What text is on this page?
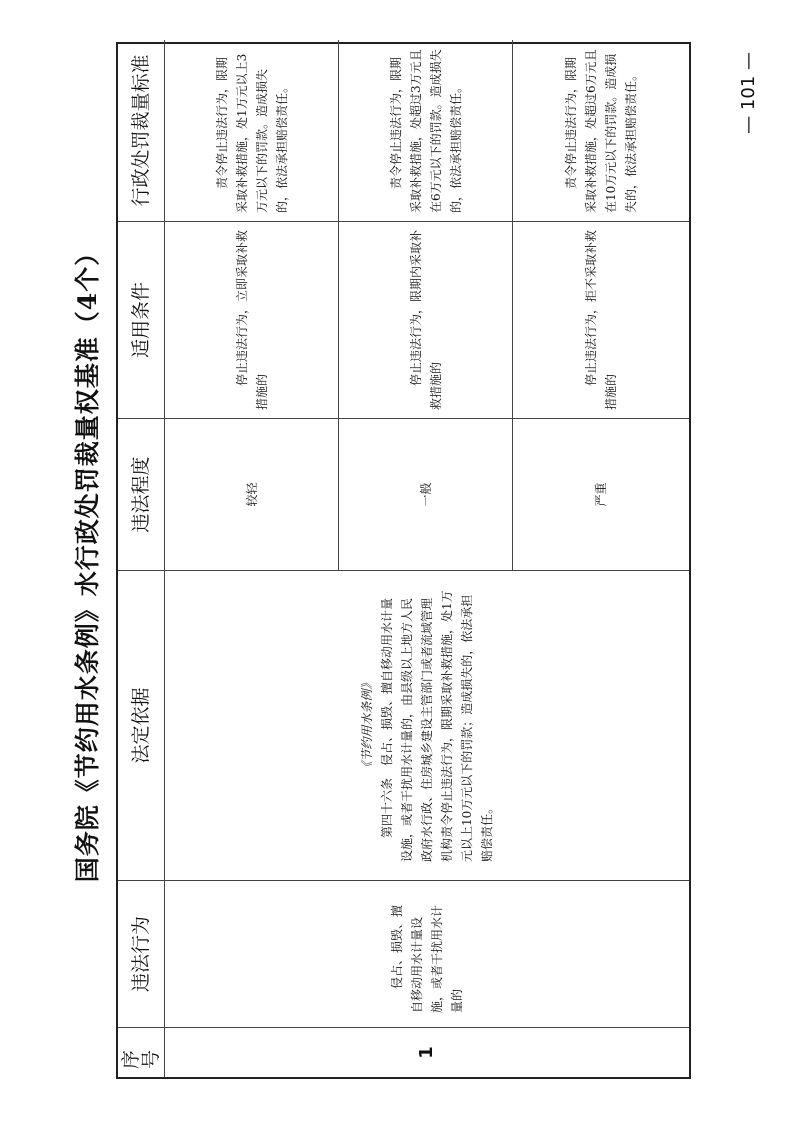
国务院《节约用水条例》水行政处罚裁量权基准（4个）
序号
违法行为
法定依据
违法程度
适用条件
行政处罚裁量标准
1
侵占、损毁、擅自移动用水计量设施，或者干扰用水计量的
《节约用水条例》 第四十六条　侵占、损毁、擅自移动用水计量设施，或者干扰用水计量的，由县级以上地方人民政府水行政、住房城乡建设主管部门或者流域管理机构责令停止违法行为，限期采取补救措施，处1万元以上10万元以下的罚款；造成损失的，依法承担赔偿责任。
较轻
停止违法行为，立即采取补救措施的
责令停止违法行为，限期采取补救措施，处1万元以上3万元以下的罚款。造成损失的，依法承担赔偿责任。
一般
停止违法行为，限期内采取补救措施的
责令停止违法行为，限期采取补救措施，处超过3万元且在6万元以下的罚款。造成损失的，依法承担赔偿责任。
严重
停止违法行为，拒不采取补救措施的
责令停止违法行为，限期采取补救措施，处超过6万元且在10万元以下的罚款。造成损失的，依法承担赔偿责任。	— 101 —
